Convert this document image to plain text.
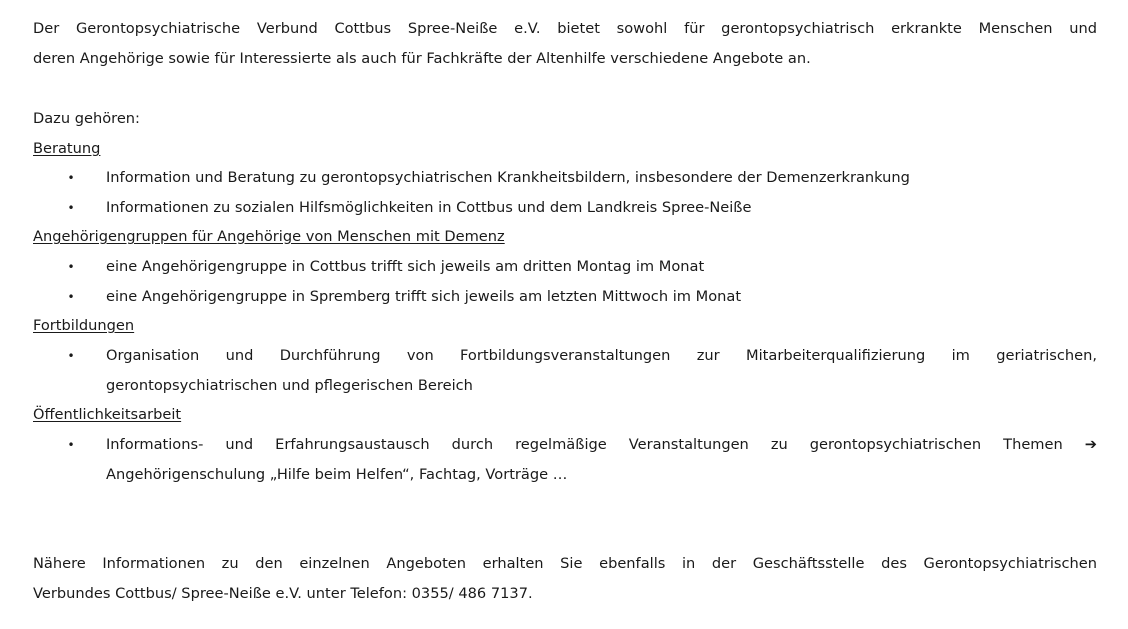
Der Gerontopsychiatrische Verbund Cottbus Spree-Neiße e.V. bietet sowohl für gerontopsychiatrisch erkrankte Menschen und

deren Angehörige sowie für Interessierte als auch für Fachkräfte der Altenhilfe verschiedene Angebote an.
Dazu gehören:
Beratung
• Information und Beratung zu gerontopsychiatrischen Krankheitsbildern, insbesondere der Demenzerkrankung
• Informationen zu sozialen Hilfsmöglichkeiten in Cottbus und dem Landkreis Spree-Neiße
Angehörigengruppen für Angehörige von Menschen mit Demenz
• eine Angehörigengruppe in Cottbus trifft sich jeweils am dritten Montag im Monat
• eine Angehörigengruppe in Spremberg trifft sich jeweils am letzten Mittwoch im Monat
Fortbildungen
• Organisation und Durchführung von Fortbildungsveranstaltungen zur Mitarbeiterqualifizierung im geriatrischen, gerontopsychiatrischen und pflegerischen Bereich

Öffentlichkeitsarbeit
• Informations- und Erfahrungsaustausch durch regelmäßige Veranstaltungen zu gerontopsychiatrischen Themen ➔ Angehörigenschulung „Hilfe beim Helfen“, Fachtag, Vorträge …

Nähere Informationen zu den einzelnen Angeboten erhalten Sie ebenfalls in der Geschäftsstelle des Gerontopsychiatrischen

Verbundes Cottbus/ Spree-Neiße e.V. unter Telefon: 0355/ 486 7137.
